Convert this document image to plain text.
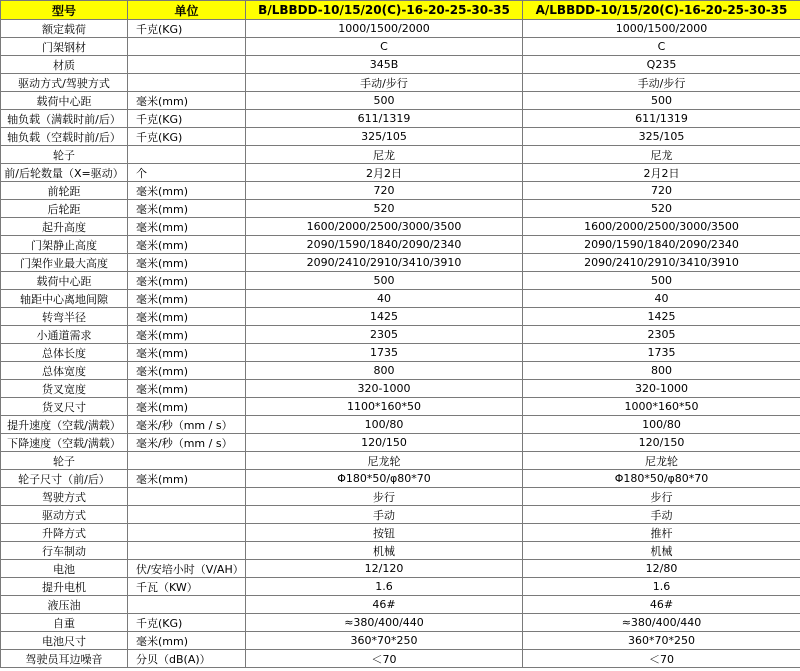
型号	单位	B/LBBDD-10/15/20(C)-16-20-25-30-35	A/LBBDD-10/15/20(C)-16-20-25-30-35
额定载荷	千克(KG)	1000/1500/2000	1000/1500/2000
门架钢材		C	C
材质		345B	Q235
驱动方式/驾驶方式		手动/步行	手动/步行
载荷中心距	毫米(mm)	500	500
轴负载（满载时前/后）	千克(KG)	611/1319	611/1319
轴负载（空载时前/后）	千克(KG)	325/105	325/105
轮子		尼龙	尼龙
前/后轮数量（X=驱动）	个	2月2日	2月2日
前轮距	毫米(mm)	720	720
后轮距	毫米(mm)	520	520
起升高度	毫米(mm)	1600/2000/2500/3000/3500	1600/2000/2500/3000/3500
门架静止高度	毫米(mm)	2090/1590/1840/2090/2340	2090/1590/1840/2090/2340
门架作业最大高度	毫米(mm)	2090/2410/2910/3410/3910	2090/2410/2910/3410/3910
载荷中心距	毫米(mm)	500	500
轴距中心离地间隙	毫米(mm)	40	40
转弯半径	毫米(mm)	1425	1425
小通道需求	毫米(mm)	2305	2305
总体长度	毫米(mm)	1735	1735
总体宽度	毫米(mm)	800	800
货叉宽度	毫米(mm)	320-1000	320-1000
货叉尺寸	毫米(mm)	1100*160*50	1000*160*50
提升速度（空载/满载）	毫米/秒（mm / s）	100/80	100/80
下降速度（空载/满载）	毫米/秒（mm / s）	120/150	120/150
轮子		尼龙轮	尼龙轮
轮子尺寸（前/后）	毫米(mm)	Φ180*50/φ80*70	Φ180*50/φ80*70
驾驶方式		步行	步行
驱动方式		手动	手动
升降方式		按钮	推杆
行车制动		机械	机械
电池	伏/安培小时（V/AH）	12/120	12/80
提升电机	千瓦（KW）	1.6	1.6
液压油		46#	46#
自重	千克(KG)	≈380/400/440	≈380/400/440
电池尺寸	毫米(mm)	360*70*250	360*70*250
驾驶员耳边噪音	分贝（dB(A)）	＜70	＜70
